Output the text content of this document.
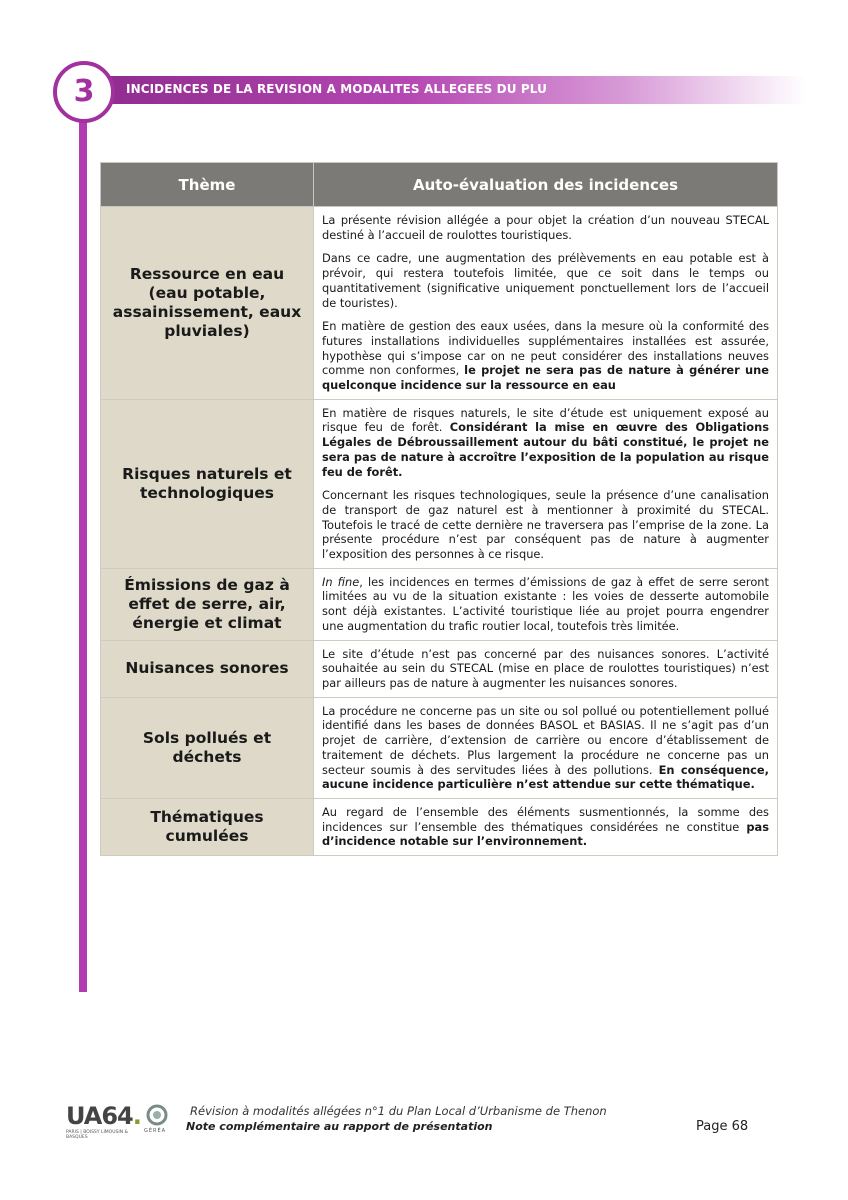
INCIDENCES DE LA REVISION A MODALITES ALLEGEES DU PLU
3
Thème	Auto-évaluation des incidences
Ressource en eau (eau potable, assainissement, eaux pluviales)	La présente révision allégée a pour objet la création d’un nouveau STECAL destiné à l’accueil de roulottes touristiques.

Dans ce cadre, une augmentation des prélèvements en eau potable est à prévoir, qui restera toutefois limitée, que ce soit dans le temps ou quantitativement (significative uniquement ponctuellement lors de l’accueil de touristes).

En matière de gestion des eaux usées, dans la mesure où la conformité des futures installations individuelles supplémentaires installées est assurée, hypothèse qui s’impose car on ne peut considérer des installations neuves comme non conformes, le projet ne sera pas de nature à générer une quelconque incidence sur la ressource en eau

Risques naturels et technologiques	En matière de risques naturels, le site d’étude est uniquement exposé au risque feu de forêt. Considérant la mise en œuvre des Obligations Légales de Débroussaillement autour du bâti constitué, le projet ne sera pas de nature à accroître l’exposition de la population au risque feu de forêt.

Concernant les risques technologiques, seule la présence d’une canalisation de transport de gaz naturel est à mentionner à proximité du STECAL. Toutefois le tracé de cette dernière ne traversera pas l’emprise de la zone. La présente procédure n’est par conséquent pas de nature à augmenter l’exposition des personnes à ce risque.

Émissions de gaz à effet de serre, air, énergie et climat	In fine, les incidences en termes d’émissions de gaz à effet de serre seront limitées au vu de la situation existante : les voies de desserte automobile sont déjà existantes. L’activité touristique liée au projet pourra engendrer une augmentation du trafic routier local, toutefois très limitée.

Nuisances sonores	Le site d’étude n’est pas concerné par des nuisances sonores. L’activité souhaitée au sein du STECAL (mise en place de roulottes touristiques) n’est par ailleurs pas de nature à augmenter les nuisances sonores.

Sols pollués et déchets	La procédure ne concerne pas un site ou sol pollué ou potentiellement pollué identifié dans les bases de données BASOL et BASIAS. Il ne s’agit pas d’un projet de carrière, d’extension de carrière ou encore d’établissement de traitement de déchets. Plus largement la procédure ne concerne pas un secteur soumis à des servitudes liées à des pollutions. En conséquence, aucune incidence particulière n’est attendue sur cette thématique.

Thématiques cumulées	Au regard de l’ensemble des éléments susmentionnés, la somme des incidences sur l’ensemble des thématiques considérées ne constitue pas d’incidence notable sur l’environnement.

UA64.
PARIS | BOISSY LIMOUSIN & BASQUES
GÉRÉA
Révision à modalités allégées n°1 du Plan Local d’Urbanisme de Thenon
Note complémentaire au rapport de présentation	Page 68
